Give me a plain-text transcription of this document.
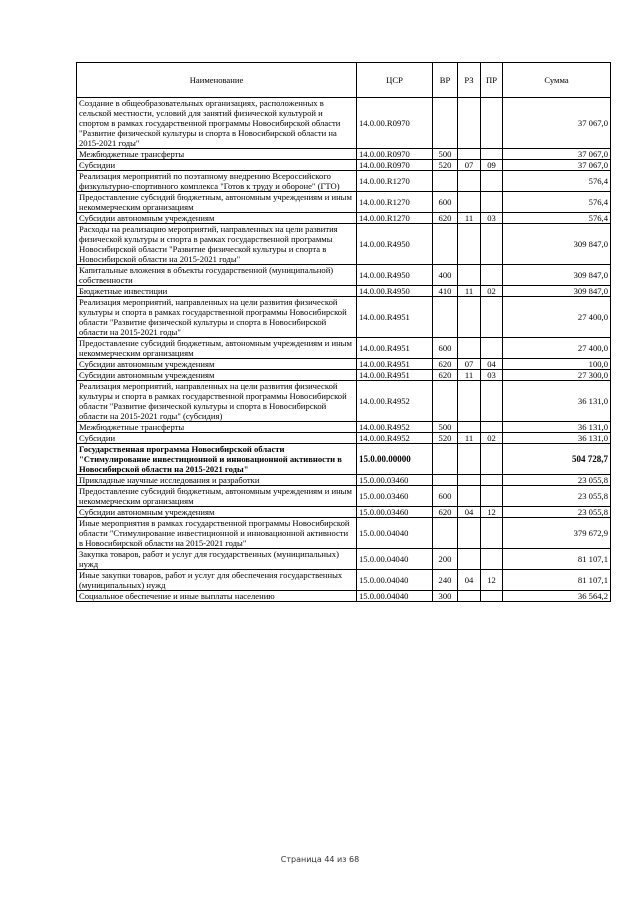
Наименование	ЦСР	ВР	РЗ	ПР	Сумма
Создание в общеобразовательных организациях, расположенных в сельской местности, условий для занятий физической культурой и спортом в рамках государственной программы Новосибирской области "Развитие физической культуры и спорта в Новосибирской области на 2015-2021 годы"	14.0.00.R0970				37 067,0
Межбюджетные трансферты	14.0.00.R0970	500			37 067,0
Субсидии	14.0.00.R0970	520	07	09	37 067,0
Реализация мероприятий по поэтапному внедрению Всероссийского физкультурно-спортивного комплекса "Готов к труду и обороне" (ГТО)	14.0.00.R1270				576,4
Предоставление субсидий бюджетным, автономным учреждениям и иным некоммерческим организациям	14.0.00.R1270	600			576,4
Субсидии автономным учреждениям	14.0.00.R1270	620	11	03	576,4
Расходы на реализацию мероприятий, направленных на цели развития физической культуры и спорта в рамках государственной программы Новосибирской области "Развитие физической культуры и спорта в Новосибирской области на 2015-2021 годы"	14.0.00.R4950				309 847,0
Капитальные вложения в объекты государственной (муниципальной) собственности	14.0.00.R4950	400			309 847,0
Бюджетные инвестиции	14.0.00.R4950	410	11	02	309 847,0
Реализация мероприятий, направленных на цели развития физической культуры и спорта в рамках государственной программы Новосибирской области "Развитие физической культуры и спорта в Новосибирской области на 2015-2021 годы"	14.0.00.R4951				27 400,0
Предоставление субсидий бюджетным, автономным учреждениям и иным некоммерческим организациям	14.0.00.R4951	600			27 400,0
Субсидии автономным учреждениям	14.0.00.R4951	620	07	04	100,0
Субсидии автономным учреждениям	14.0.00.R4951	620	11	03	27 300,0
Реализация мероприятий, направленных на цели развития физической культуры и спорта в рамках государственной программы Новосибирской области "Развитие физической культуры и спорта в Новосибирской области на 2015-2021 годы" (субсидия)	14.0.00.R4952				36 131,0
Межбюджетные трансферты	14.0.00.R4952	500			36 131,0
Субсидии	14.0.00.R4952	520	11	02	36 131,0
Государственная программа Новосибирской области "Стимулирование инвестиционной и инновационной активности в Новосибирской области на 2015-2021 годы"	15.0.00.00000				504 728,7
Прикладные научные исследования и разработки	15.0.00.03460				23 055,8
Предоставление субсидий бюджетным, автономным учреждениям и иным некоммерческим организациям	15.0.00.03460	600			23 055,8
Субсидии автономным учреждениям	15.0.00.03460	620	04	12	23 055,8
Иные мероприятия в рамках государственной программы Новосибирской области "Стимулирование инвестиционной и инновационной активности в Новосибирской области на 2015-2021 годы"	15.0.00.04040				379 672,9
Закупка товаров, работ и услуг для государственных (муниципальных) нужд	15.0.00.04040	200			81 107,1
Иные закупки товаров, работ и услуг для обеспечения государственных (муниципальных) нужд	15.0.00.04040	240	04	12	81 107,1
Социальное обеспечение и иные выплаты населению	15.0.00.04040	300			36 564,2
Страница 44 из 68
